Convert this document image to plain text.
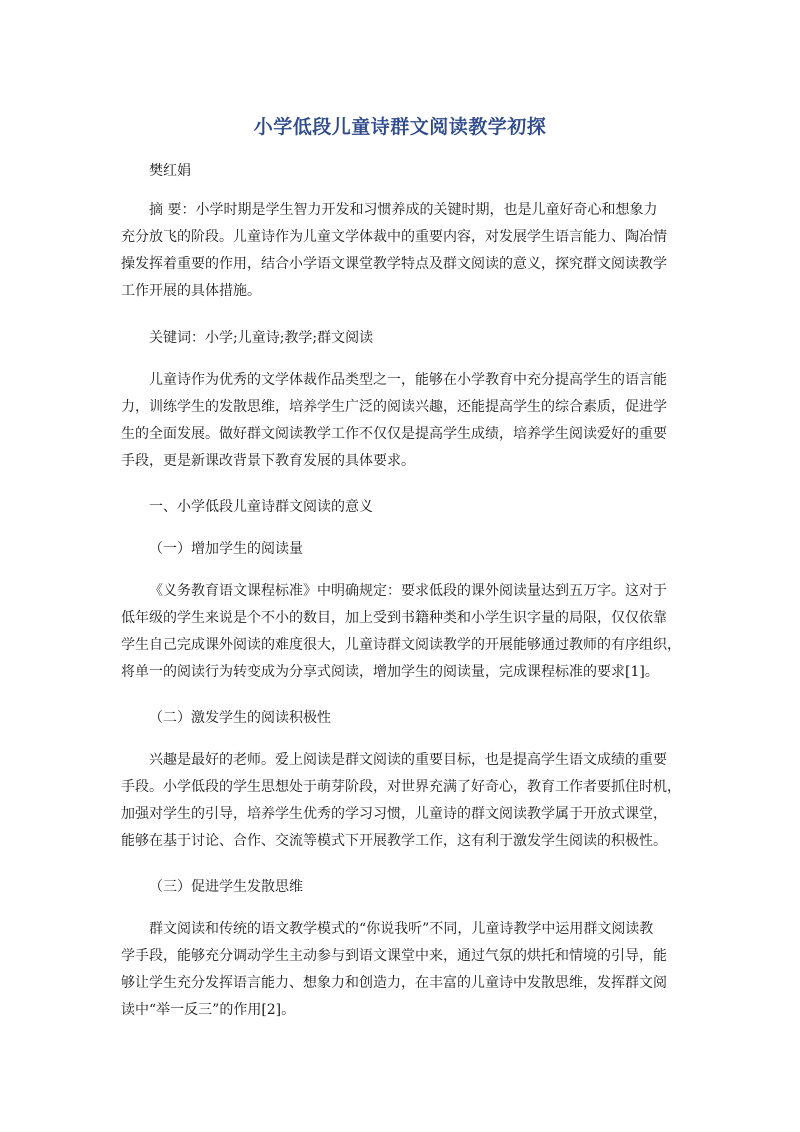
小学低段儿童诗群文阅读教学初探
樊红娟
摘 要：小学时期是学生智力开发和习惯养成的关键时期，也是儿童好奇心和想象力
充分放飞的阶段。儿童诗作为儿童文学体裁中的重要内容，对发展学生语言能力、陶冶情
操发挥着重要的作用，结合小学语文课堂教学特点及群文阅读的意义，探究群文阅读教学
工作开展的具体措施。
关键词：小学;儿童诗;教学;群文阅读
儿童诗作为优秀的文学体裁作品类型之一，能够在小学教育中充分提高学生的语言能
力，训练学生的发散思维，培养学生广泛的阅读兴趣，还能提高学生的综合素质，促进学
生的全面发展。做好群文阅读教学工作不仅仅是提高学生成绩，培养学生阅读爱好的重要
手段，更是新课改背景下教育发展的具体要求。
一、小学低段儿童诗群文阅读的意义
（一）增加学生的阅读量
《义务教育语文课程标准》中明确规定：要求低段的课外阅读量达到五万字。这对于
低年级的学生来说是个不小的数目，加上受到书籍种类和小学生识字量的局限，仅仅依靠
学生自己完成课外阅读的难度很大，儿童诗群文阅读教学的开展能够通过教师的有序组织，
将单一的阅读行为转变成为分享式阅读，增加学生的阅读量，完成课程标准的要求[1]。
（二）激发学生的阅读积极性
兴趣是最好的老师。爱上阅读是群文阅读的重要目标，也是提高学生语文成绩的重要
手段。小学低段的学生思想处于萌芽阶段，对世界充满了好奇心，教育工作者要抓住时机，
加强对学生的引导，培养学生优秀的学习习惯，儿童诗的群文阅读教学属于开放式课堂，
能够在基于讨论、合作、交流等模式下开展教学工作，这有利于激发学生阅读的积极性。
（三）促进学生发散思维
群文阅读和传统的语文教学模式的“你说我听”不同，儿童诗教学中运用群文阅读教
学手段，能够充分调动学生主动参与到语文课堂中来，通过气氛的烘托和情境的引导，能
够让学生充分发挥语言能力、想象力和创造力，在丰富的儿童诗中发散思维，发挥群文阅
读中“举一反三”的作用[2]。
